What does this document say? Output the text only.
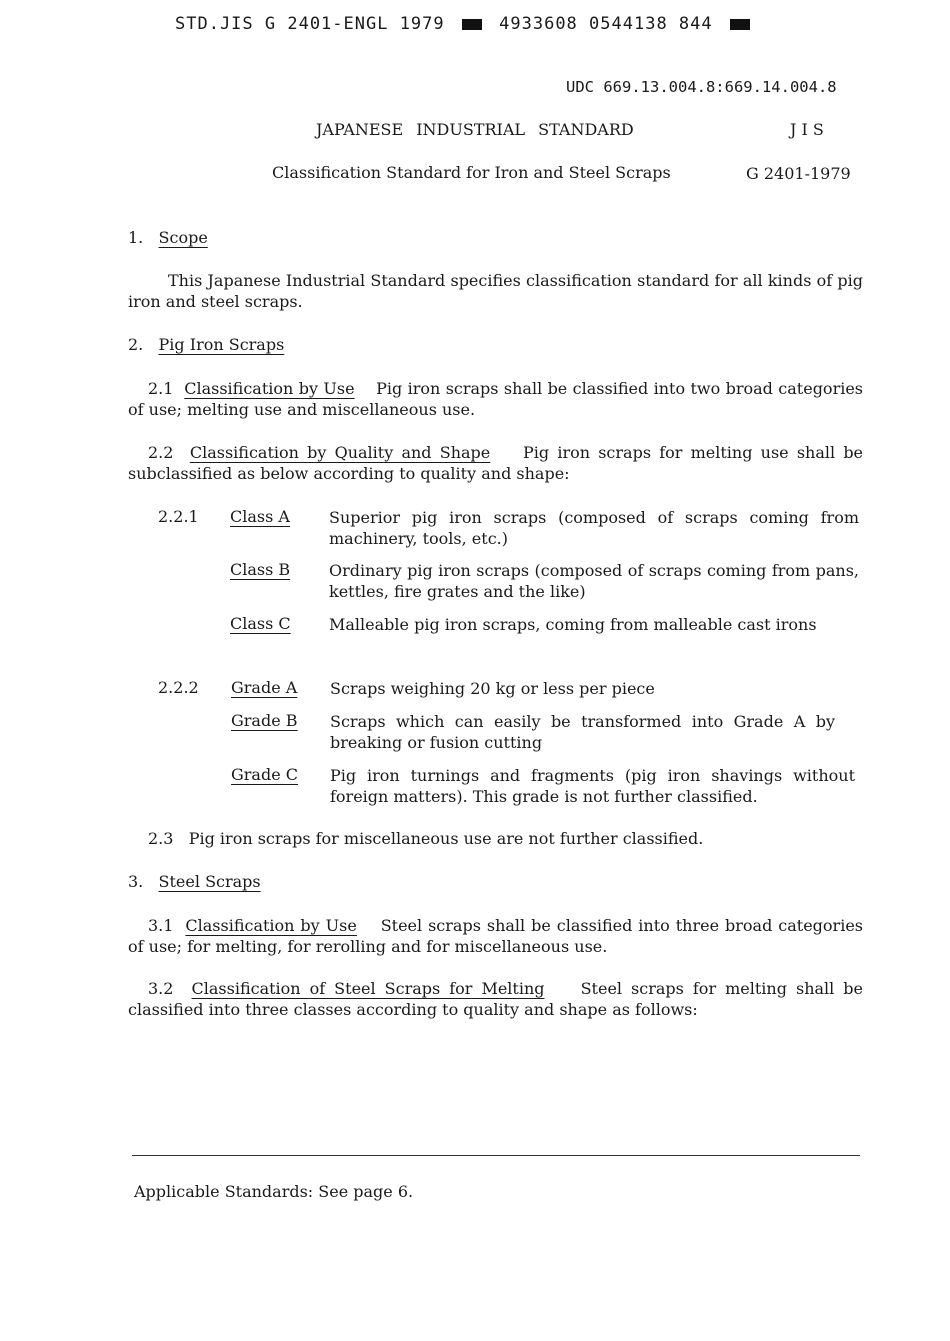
STD.JIS G 2401-ENGL 1979	4933608 0544138 844
UDC 669.13.004.8:669.14.004.8
JAPANESE INDUSTRIAL STANDARD	J I S
Classification Standard for Iron and Steel Scraps	G 2401-1979
1. Scope
This Japanese Industrial Standard specifies classification standard for all kinds of pig iron and steel scraps.
2. Pig Iron Scraps
2.1 Classification by Use Pig iron scraps shall be classified into two broad categories of use; melting use and miscellaneous use.
2.2 Classification by Quality and Shape Pig iron scraps for melting use shall be subclassified as below according to quality and shape:
2.2.1 Class A Superior pig iron scraps (composed of scraps coming from machinery, tools, etc.)
Class B Ordinary pig iron scraps (composed of scraps coming from pans, kettles, fire grates and the like)
Class C Malleable pig iron scraps, coming from malleable cast irons
2.2.2 Grade A Scraps weighing 20 kg or less per piece
Grade B Scraps which can easily be transformed into Grade A by breaking or fusion cutting
Grade C Pig iron turnings and fragments (pig iron shavings without foreign matters). This grade is not further classified.
2.3 Pig iron scraps for miscellaneous use are not further classified.
3. Steel Scraps
3.1 Classification by Use Steel scraps shall be classified into three broad categories of use; for melting, for rerolling and for miscellaneous use.
3.2 Classification of Steel Scraps for Melting Steel scraps for melting shall be classified into three classes according to quality and shape as follows:
Applicable Standards: See page 6.
